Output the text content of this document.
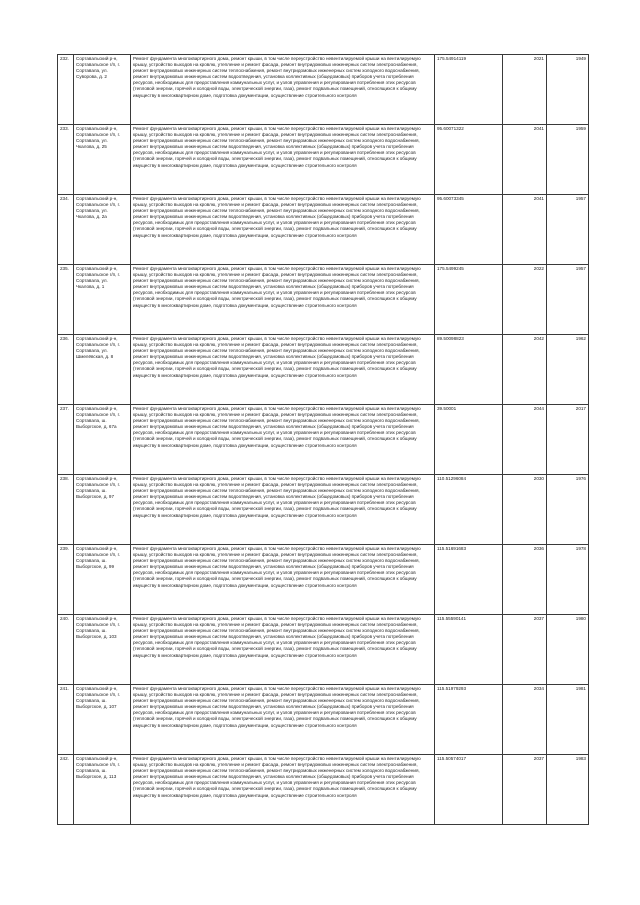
232.	Сортавальский р-н, Сортавальское г/п, г. Сортавала, ул. Суворова, д. 2	Ремонт фундамента многоквартирного дома, ремонт крыши, в том числе переустройство невентилируемой крыши на вентилируемую крышу, устройство выходов на кровлю, утепление и ремонт фасада, ремонт внутридомовых инженерных систем электроснабжения, ремонт внутридомовых инженерных систем теплоснабжения, ремонт внутридомовых инженерных систем холодного водоснабжения, ремонт внутридомовых инженерных систем водоотведения, установка коллективных (общедомовых) приборов учета потребления ресурсов, необходимых для предоставления коммунальных услуг, и узлов управления и регулирования потребления этих ресурсов (тепловой энергии, горячей и холодной воды, электрической энергии, газа), ремонт подвальных помещений, относящихся к общему имуществу в многоквартирном доме, подготовка документации, осуществление строительного контроля	175.54914119	2021	1949
233.	Сортавальский р-н, Сортавальское г/п, г. Сортавала, ул. Чкалова, д. 25	Ремонт фундамента многоквартирного дома, ремонт крыши, в том числе переустройство невентилируемой крыши на вентилируемую крышу, устройство выходов на кровлю, утепление и ремонт фасада, ремонт внутридомовых инженерных систем электроснабжения, ремонт внутридомовых инженерных систем теплоснабжения, ремонт внутридомовых инженерных систем холодного водоснабжения, ремонт внутридомовых инженерных систем водоотведения, установка коллективных (общедомовых) приборов учета потребления ресурсов, необходимых для предоставления коммунальных услуг, и узлов управления и регулирования потребления этих ресурсов (тепловой энергии, горячей и холодной воды, электрической энергии, газа), ремонт подвальных помещений, относящихся к общему имуществу в многоквартирном доме, подготовка документации, осуществление строительного контроля	95.60071322	2041	1959
234.	Сортавальский р-н, Сортавальское г/п, г. Сортавала, ул. Чкалова, д. 2а	Ремонт фундамента многоквартирного дома, ремонт крыши, в том числе переустройство невентилируемой крыши на вентилируемую крышу, устройство выходов на кровлю, утепление и ремонт фасада, ремонт внутридомовых инженерных систем электроснабжения, ремонт внутридомовых инженерных систем теплоснабжения, ремонт внутридомовых инженерных систем холодного водоснабжения, ремонт внутридомовых инженерных систем водоотведения, установка коллективных (общедомовых) приборов учета потребления ресурсов, необходимых для предоставления коммунальных услуг, и узлов управления и регулирования потребления этих ресурсов (тепловой энергии, горячей и холодной воды, электрической энергии, газа), ремонт подвальных помещений, относящихся к общему имуществу в многоквартирном доме, подготовка документации, осуществление строительного контроля	95.60073345	2041	1957
235.	Сортавальский р-н, Сортавальское г/п, г. Сортавала, ул. Чкалова, д. 1	Ремонт фундамента многоквартирного дома, ремонт крыши, в том числе переустройство невентилируемой крыши на вентилируемую крышу, устройство выходов на кровлю, утепление и ремонт фасада, ремонт внутридомовых инженерных систем электроснабжения, ремонт внутридомовых инженерных систем теплоснабжения, ремонт внутридомовых инженерных систем холодного водоснабжения, ремонт внутридомовых инженерных систем водоотведения, установка коллективных (общедомовых) приборов учета потребления ресурсов, необходимых для предоставления коммунальных услуг, и узлов управления и регулирования потребления этих ресурсов (тепловой энергии, горячей и холодной воды, электрической энергии, газа), ремонт подвальных помещений, относящихся к общему имуществу в многоквартирном доме, подготовка документации, осуществление строительного контроля	175.5499245	2022	1957
236.	Сортавальский р-н, Сортавальское г/п, г. Сортавала, ул. Шмелёвская, д. 8	Ремонт фундамента многоквартирного дома, ремонт крыши, в том числе переустройство невентилируемой крыши на вентилируемую крышу, устройство выходов на кровлю, утепление и ремонт фасада, ремонт внутридомовых инженерных систем электроснабжения, ремонт внутридомовых инженерных систем теплоснабжения, ремонт внутридомовых инженерных систем холодного водоснабжения, ремонт внутридомовых инженерных систем водоотведения, установка коллективных (общедомовых) приборов учета потребления ресурсов, необходимых для предоставления коммунальных услуг, и узлов управления и регулирования потребления этих ресурсов (тепловой энергии, горячей и холодной воды, электрической энергии, газа), ремонт подвальных помещений, относящихся к общему имуществу в многоквартирном доме, подготовка документации, осуществление строительного контроля	89.50098823	2042	1962
237.	Сортавальский р-н, Сортавальское г/п, г. Сортавала, ш. Выборгское, д. 67а	Ремонт фундамента многоквартирного дома, ремонт крыши, в том числе переустройство невентилируемой крыши на вентилируемую крышу, устройство выходов на кровлю, утепление и ремонт фасада, ремонт внутридомовых инженерных систем электроснабжения, ремонт внутридомовых инженерных систем теплоснабжения, ремонт внутридомовых инженерных систем холодного водоснабжения, ремонт внутридомовых инженерных систем водоотведения, установка коллективных (общедомовых) приборов учета потребления ресурсов, необходимых для предоставления коммунальных услуг, и узлов управления и регулирования потребления этих ресурсов (тепловой энергии, горячей и холодной воды, электрической энергии, газа), ремонт подвальных помещений, относящихся к общему имуществу в многоквартирном доме, подготовка документации, осуществление строительного контроля	39.50001	2044	2017
238.	Сортавальский р-н, Сортавальское г/п, г. Сортавала, ш. Выборгское, д. 97	Ремонт фундамента многоквартирного дома, ремонт крыши, в том числе переустройство невентилируемой крыши на вентилируемую крышу, устройство выходов на кровлю, утепление и ремонт фасада, ремонт внутридомовых инженерных систем электроснабжения, ремонт внутридомовых инженерных систем теплоснабжения, ремонт внутридомовых инженерных систем холодного водоснабжения, ремонт внутридомовых инженерных систем водоотведения, установка коллективных (общедомовых) приборов учета потребления ресурсов, необходимых для предоставления коммунальных услуг, и узлов управления и регулирования потребления этих ресурсов (тепловой энергии, горячей и холодной воды, электрической энергии, газа), ремонт подвальных помещений, относящихся к общему имуществу в многоквартирном доме, подготовка документации, осуществление строительного контроля	110.51296084	2030	1976
239.	Сортавальский р-н, Сортавальское г/п, г. Сортавала, ш. Выборгское, д. 99	Ремонт фундамента многоквартирного дома, ремонт крыши, в том числе переустройство невентилируемой крыши на вентилируемую крышу, устройство выходов на кровлю, утепление и ремонт фасада, ремонт внутридомовых инженерных систем электроснабжения, ремонт внутридомовых инженерных систем теплоснабжения, ремонт внутридомовых инженерных систем холодного водоснабжения, ремонт внутридомовых инженерных систем водоотведения, установка коллективных (общедомовых) приборов учета потребления ресурсов, необходимых для предоставления коммунальных услуг, и узлов управления и регулирования потребления этих ресурсов (тепловой энергии, горячей и холодной воды, электрической энергии, газа), ремонт подвальных помещений, относящихся к общему имуществу в многоквартирном доме, подготовка документации, осуществление строительного контроля	115.51691683	2036	1978
240.	Сортавальский р-н, Сортавальское г/п, г. Сортавала, ш. Выборгское, д. 103	Ремонт фундамента многоквартирного дома, ремонт крыши, в том числе переустройство невентилируемой крыши на вентилируемую крышу, устройство выходов на кровлю, утепление и ремонт фасада, ремонт внутридомовых инженерных систем электроснабжения, ремонт внутридомовых инженерных систем теплоснабжения, ремонт внутридомовых инженерных систем холодного водоснабжения, ремонт внутридомовых инженерных систем водоотведения, установка коллективных (общедомовых) приборов учета потребления ресурсов, необходимых для предоставления коммунальных услуг, и узлов управления и регулирования потребления этих ресурсов (тепловой энергии, горячей и холодной воды, электрической энергии, газа), ремонт подвальных помещений, относящихся к общему имуществу в многоквартирном доме, подготовка документации, осуществление строительного контроля	115.55590141	2037	1980
241.	Сортавальский р-н, Сортавальское г/п, г. Сортавала, ш. Выборгское, д. 107	Ремонт фундамента многоквартирного дома, ремонт крыши, в том числе переустройство невентилируемой крыши на вентилируемую крышу, устройство выходов на кровлю, утепление и ремонт фасада, ремонт внутридомовых инженерных систем электроснабжения, ремонт внутридомовых инженерных систем теплоснабжения, ремонт внутридомовых инженерных систем холодного водоснабжения, ремонт внутридомовых инженерных систем водоотведения, установка коллективных (общедомовых) приборов учета потребления ресурсов, необходимых для предоставления коммунальных услуг, и узлов управления и регулирования потребления этих ресурсов (тепловой энергии, горячей и холодной воды, электрической энергии, газа), ремонт подвальных помещений, относящихся к общему имуществу в многоквартирном доме, подготовка документации, осуществление строительного контроля	115.51979293	2034	1981
242.	Сортавальский р-н, Сортавальское г/п, г. Сортавала, ш. Выборгское, д. 113	Ремонт фундамента многоквартирного дома, ремонт крыши, в том числе переустройство невентилируемой крыши на вентилируемую крышу, устройство выходов на кровлю, утепление и ремонт фасада, ремонт внутридомовых инженерных систем электроснабжения, ремонт внутридомовых инженерных систем теплоснабжения, ремонт внутридомовых инженерных систем холодного водоснабжения, ремонт внутридомовых инженерных систем водоотведения, установка коллективных (общедомовых) приборов учета потребления ресурсов, необходимых для предоставления коммунальных услуг, и узлов управления и регулирования потребления этих ресурсов (тепловой энергии, горячей и холодной воды, электрической энергии, газа), ремонт подвальных помещений, относящихся к общему имуществу в многоквартирном доме, подготовка документации, осуществление строительного контроля	115.50574017	2037	1983
